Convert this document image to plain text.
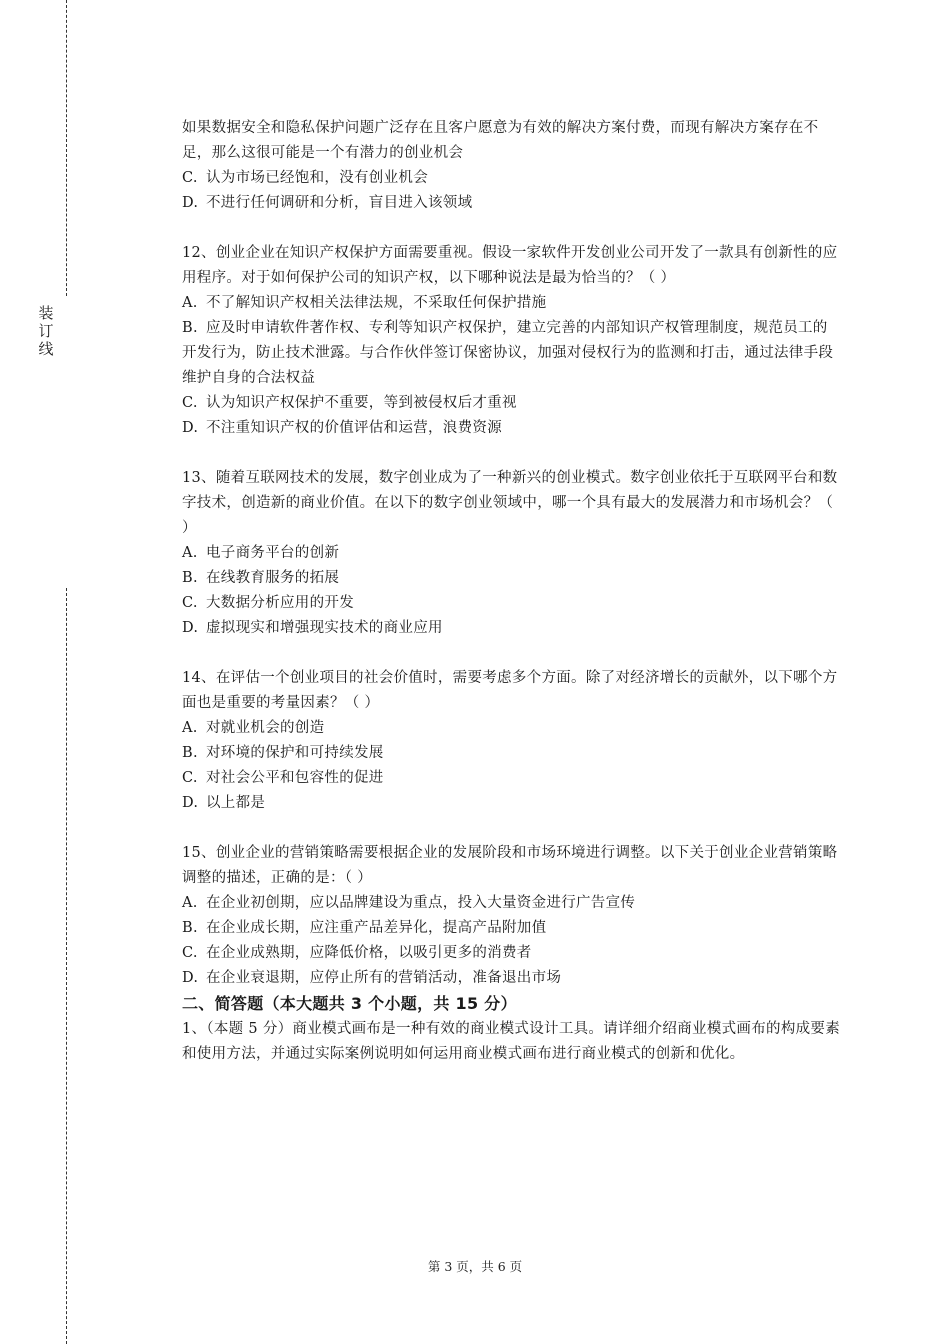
装
订
线

如果数据安全和隐私保护问题广泛存在且客户愿意为有效的解决方案付费，而现有解决方案存在不足，那么这很可能是一个有潜力的创业机会

C. 认为市场已经饱和，没有创业机会

D. 不进行任何调研和分析，盲目进入该领域

12、创业企业在知识产权保护方面需要重视。假设一家软件开发创业公司开发了一款具有创新性的应用程序。对于如何保护公司的知识产权，以下哪种说法是最为恰当的？（ ）

A. 不了解知识产权相关法律法规，不采取任何保护措施

B. 应及时申请软件著作权、专利等知识产权保护，建立完善的内部知识产权管理制度，规范员工的开发行为，防止技术泄露。与合作伙伴签订保密协议，加强对侵权行为的监测和打击，通过法律手段维护自身的合法权益

C. 认为知识产权保护不重要，等到被侵权后才重视

D. 不注重知识产权的价值评估和运营，浪费资源

13、随着互联网技术的发展，数字创业成为了一种新兴的创业模式。数字创业依托于互联网平台和数字技术，创造新的商业价值。在以下的数字创业领域中，哪一个具有最大的发展潜力和市场机会？（ ）

A. 电子商务平台的创新

B. 在线教育服务的拓展

C. 大数据分析应用的开发

D. 虚拟现实和增强现实技术的商业应用

14、在评估一个创业项目的社会价值时，需要考虑多个方面。除了对经济增长的贡献外，以下哪个方面也是重要的考量因素？（ ）

A. 对就业机会的创造

B. 对环境的保护和可持续发展

C. 对社会公平和包容性的促进

D. 以上都是

15、创业企业的营销策略需要根据企业的发展阶段和市场环境进行调整。以下关于创业企业营销策略调整的描述，正确的是：（ ）

A. 在企业初创期，应以品牌建设为重点，投入大量资金进行广告宣传

B. 在企业成长期，应注重产品差异化，提高产品附加值

C. 在企业成熟期，应降低价格，以吸引更多的消费者

D. 在企业衰退期，应停止所有的营销活动，准备退出市场

二、简答题（本大题共 3 个小题，共 15 分）

1、（本题 5 分）商业模式画布是一种有效的商业模式设计工具。请详细介绍商业模式画布的构成要素和使用方法，并通过实际案例说明如何运用商业模式画布进行商业模式的创新和优化。

第 3 页，共 6 页
